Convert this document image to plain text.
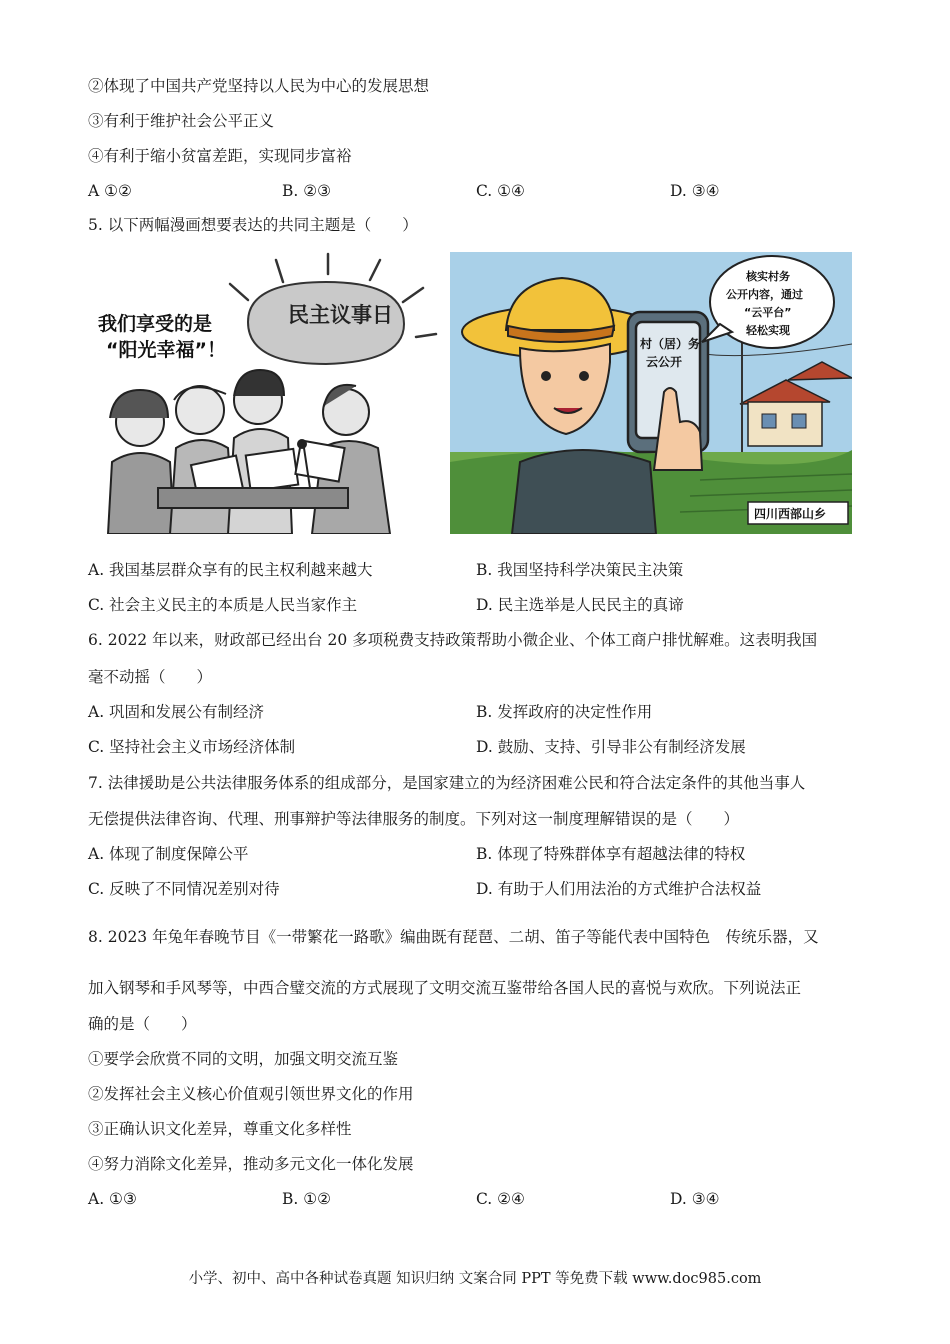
②体现了中国共产党坚持以人民为中心的发展思想
③有利于维护社会公平正义
④有利于缩小贫富差距，实现同步富裕
A ①②	B. ②③	C. ①④	D. ③④
5. 以下两幅漫画想要表达的共同主题是（　　）
民主议事日
我们享受的是
“阳光幸福”！	村（居）务
云公开
核实村务
公开内容，通过
“云平台”
轻松实现
四川西部山乡
A. 我国基层群众享有的民主权利越来越大	B. 我国坚持科学决策民主决策
C. 社会主义民主的本质是人民当家作主	D. 民主选举是人民民主的真谛
6. 2022 年以来，财政部已经出台 20 多项税费支持政策帮助小微企业、个体工商户排忧解难。这表明我国
毫不动摇（　　）
A. 巩固和发展公有制经济	B. 发挥政府的决定性作用
C. 坚持社会主义市场经济体制	D. 鼓励、支持、引导非公有制经济发展
7. 法律援助是公共法律服务体系的组成部分，是国家建立的为经济困难公民和符合法定条件的其他当事人
无偿提供法律咨询、代理、刑事辩护等法律服务的制度。下列对这一制度理解错误的是（　　）
A. 体现了制度保障公平	B. 体现了特殊群体享有超越法律的特权
C. 反映了不同情况差别对待	D. 有助于人们用法治的方式维护合法权益
8. 2023 年兔年春晚节目《一带繁花一路歌》编曲既有琵琶、二胡、笛子等能代表中国特色　传统乐器，又
加入钢琴和手风琴等，中西合璧交流的方式展现了文明交流互鉴带给各国人民的喜悦与欢欣。下列说法正
确的是（　　）
①要学会欣赏不同的文明，加强文明交流互鉴
②发挥社会主义核心价值观引领世界文化的作用
③正确认识文化差异，尊重文化多样性
④努力消除文化差异，推动多元文化一体化发展
A. ①③	B. ①②	C. ②④	D. ③④
小学、初中、高中各种试卷真题 知识归纳 文案合同 PPT 等免费下载 www.doc985.com
